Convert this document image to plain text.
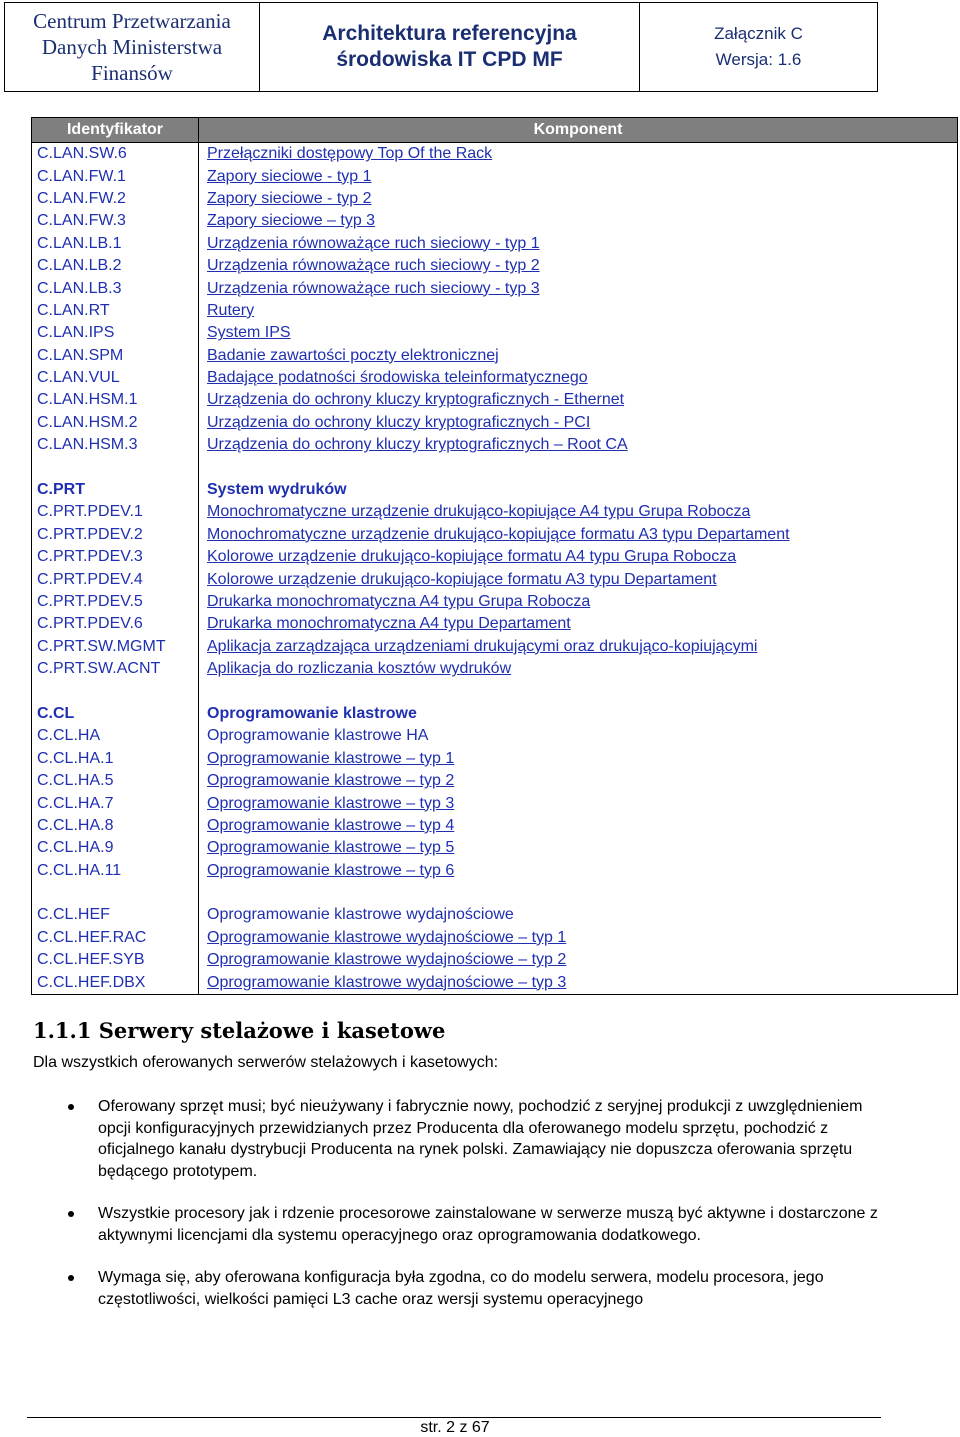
Centrum Przetwarzania
Danych Ministerstwa
Finansów
Architektura referencyjna
środowiska IT CPD MF
Załącznik C
Wersja: 1.6
Identyfikator	Komponent
C.LAN.SW.6	Przełączniki dostępowy Top Of the Rack
C.LAN.FW.1	Zapory sieciowe - typ 1
C.LAN.FW.2	Zapory sieciowe - typ 2
C.LAN.FW.3	Zapory sieciowe – typ 3
C.LAN.LB.1	Urządzenia równoważące ruch sieciowy - typ 1
C.LAN.LB.2	Urządzenia równoważące ruch sieciowy - typ 2
C.LAN.LB.3	Urządzenia równoważące ruch sieciowy - typ 3
C.LAN.RT	Rutery
C.LAN.IPS	System IPS
C.LAN.SPM	Badanie zawartości poczty elektronicznej
C.LAN.VUL	Badające podatności środowiska teleinformatycznego
C.LAN.HSM.1	Urządzenia do ochrony kluczy kryptograficznych - Ethernet
C.LAN.HSM.2	Urządzenia do ochrony kluczy kryptograficznych - PCI
C.LAN.HSM.3	Urządzenia do ochrony kluczy kryptograficznych – Root CA

C.PRT	System wydruków
C.PRT.PDEV.1	Monochromatyczne urządzenie drukująco-kopiujące A4 typu Grupa Robocza
C.PRT.PDEV.2	Monochromatyczne urządzenie drukująco-kopiujące formatu A3 typu Departament
C.PRT.PDEV.3	Kolorowe urządzenie drukująco-kopiujące formatu A4 typu Grupa Robocza
C.PRT.PDEV.4	Kolorowe urządzenie drukująco-kopiujące formatu A3 typu Departament
C.PRT.PDEV.5	Drukarka monochromatyczna A4 typu Grupa Robocza
C.PRT.PDEV.6	Drukarka monochromatyczna A4 typu Departament
C.PRT.SW.MGMT	Aplikacja zarządzająca urządzeniami drukującymi oraz drukująco-kopiującymi
C.PRT.SW.ACNT	Aplikacja do rozliczania kosztów wydruków

C.CL	Oprogramowanie klastrowe
C.CL.HA	Oprogramowanie klastrowe HA
C.CL.HA.1	Oprogramowanie klastrowe – typ 1
C.CL.HA.5	Oprogramowanie klastrowe – typ 2
C.CL.HA.7	Oprogramowanie klastrowe – typ 3
C.CL.HA.8	Oprogramowanie klastrowe – typ 4
C.CL.HA.9	Oprogramowanie klastrowe – typ 5
C.CL.HA.11	Oprogramowanie klastrowe – typ 6

C.CL.HEF	Oprogramowanie klastrowe wydajnościowe
C.CL.HEF.RAC	Oprogramowanie klastrowe wydajnościowe – typ 1
C.CL.HEF.SYB	Oprogramowanie klastrowe wydajnościowe – typ 2
C.CL.HEF.DBX	Oprogramowanie klastrowe wydajnościowe – typ 3
1.1.1 Serwery stelażowe i kasetowe
Dla wszystkich oferowanych serwerów stelażowych i kasetowych:
Oferowany sprzęt musi; być nieużywany i fabrycznie nowy, pochodzić z seryjnej produkcji z uwzględnieniem opcji konfiguracyjnych przewidzianych przez Producenta dla oferowanego modelu sprzętu, pochodzić z oficjalnego kanału dystrybucji Producenta na rynek polski. Zamawiający nie dopuszcza oferowania sprzętu będącego prototypem.
Wszystkie procesory jak i rdzenie procesorowe zainstalowane w serwerze muszą być aktywne i dostarczone z aktywnymi licencjami dla systemu operacyjnego oraz oprogramowania dodatkowego.
Wymaga się, aby oferowana konfiguracja była zgodna, co do modelu serwera, modelu procesora, jego częstotliwości, wielkości pamięci L3 cache oraz wersji systemu operacyjnego
str. 2 z 67
